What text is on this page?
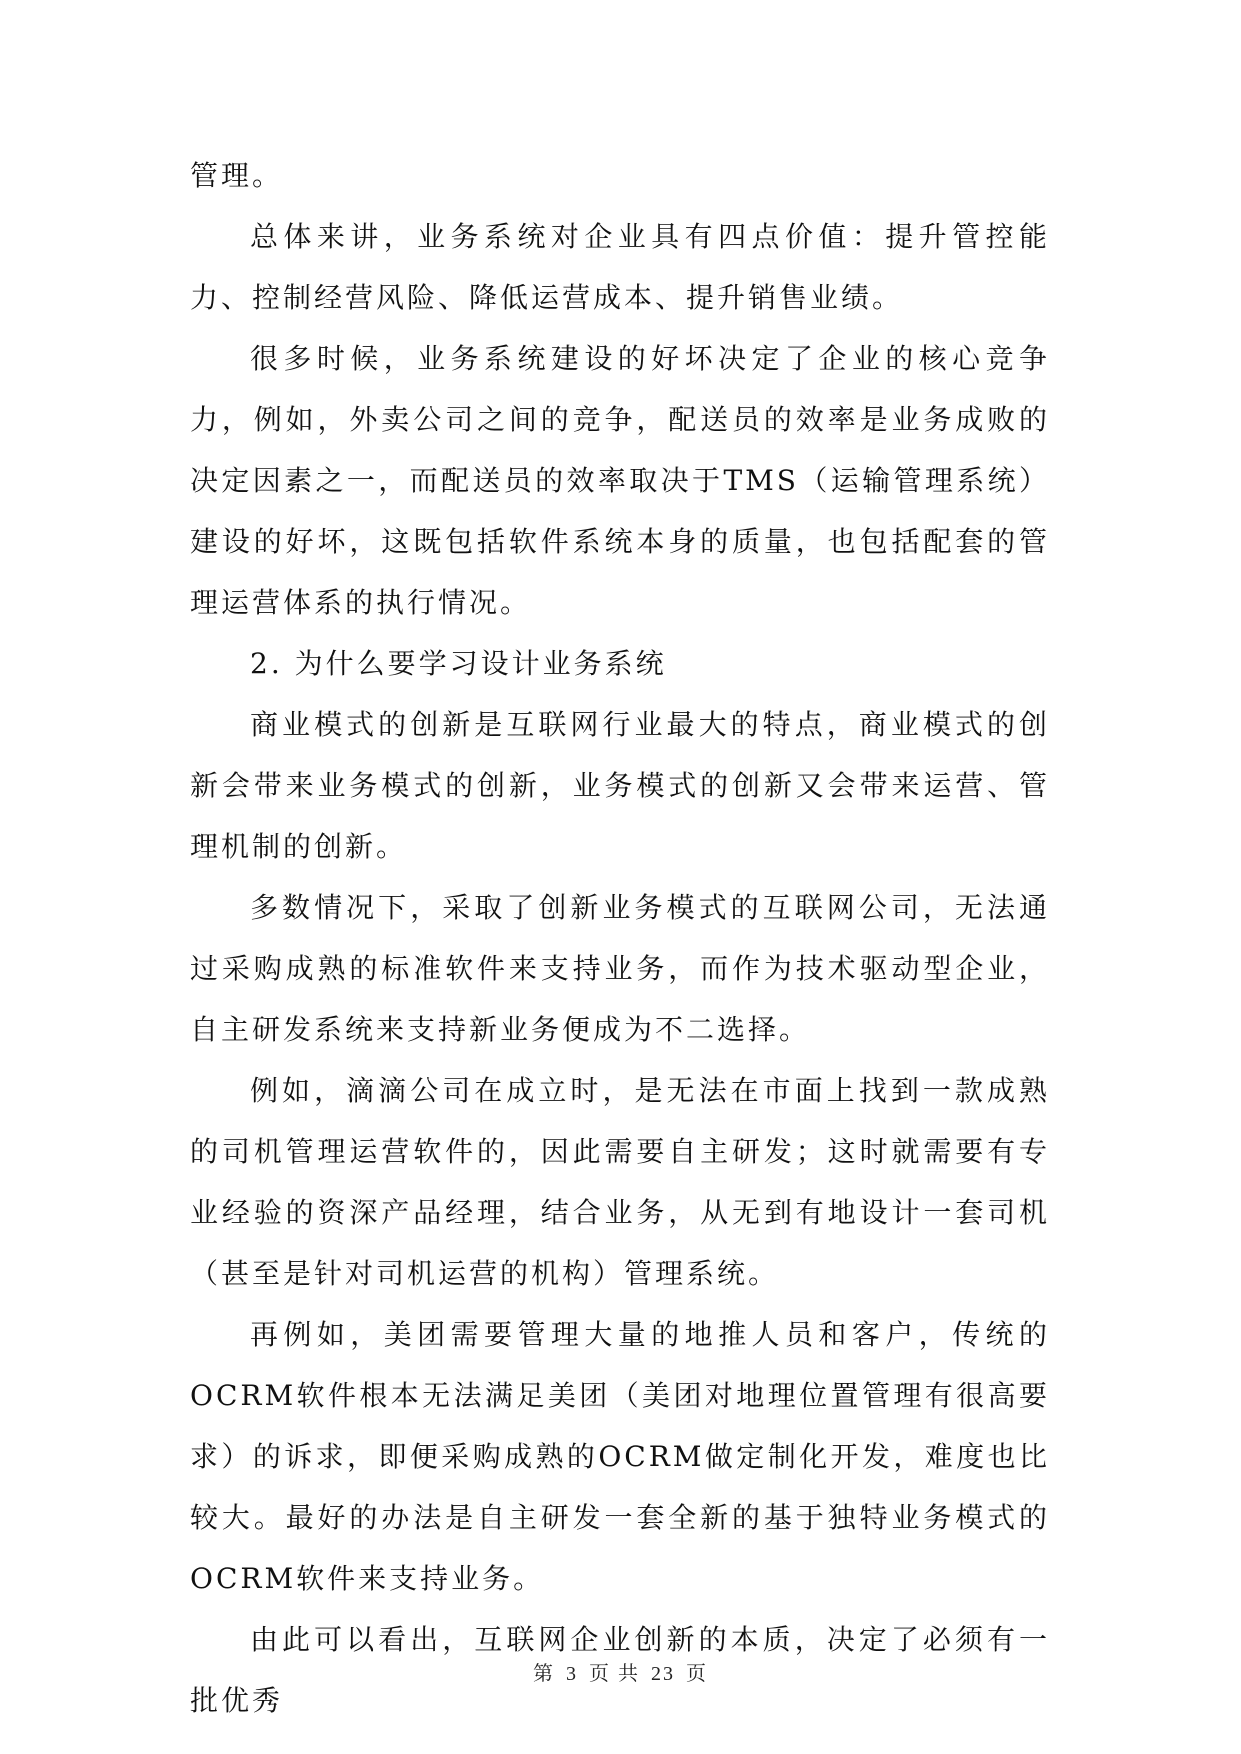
管理。

总体来讲，业务系统对企业具有四点价值：提升管控能力、控制经营风险、降低运营成本、提升销售业绩。

很多时候，业务系统建设的好坏决定了企业的核心竞争力，例如，外卖公司之间的竞争，配送员的效率是业务成败的决定因素之一，而配送员的效率取决于TMS（运输管理系统）建设的好坏，这既包括软件系统本身的质量，也包括配套的管理运营体系的执行情况。

2. 为什么要学习设计业务系统

商业模式的创新是互联网行业最大的特点，商业模式的创新会带来业务模式的创新，业务模式的创新又会带来运营、管理机制的创新。

多数情况下，采取了创新业务模式的互联网公司，无法通过采购成熟的标准软件来支持业务，而作为技术驱动型企业，自主研发系统来支持新业务便成为不二选择。

例如，滴滴公司在成立时，是无法在市面上找到一款成熟的司机管理运营软件的，因此需要自主研发；这时就需要有专业经验的资深产品经理，结合业务，从无到有地设计一套司机（甚至是针对司机运营的机构）管理系统。

再例如，美团需要管理大量的地推人员和客户，传统的OCRM软件根本无法满足美团（美团对地理位置管理有很高要求）的诉求，即便采购成熟的OCRM做定制化开发，难度也比较大。最好的办法是自主研发一套全新的基于独特业务模式的OCRM软件来支持业务。

由此可以看出，互联网企业创新的本质，决定了必须有一批优秀

第 3 页 共 23 页
